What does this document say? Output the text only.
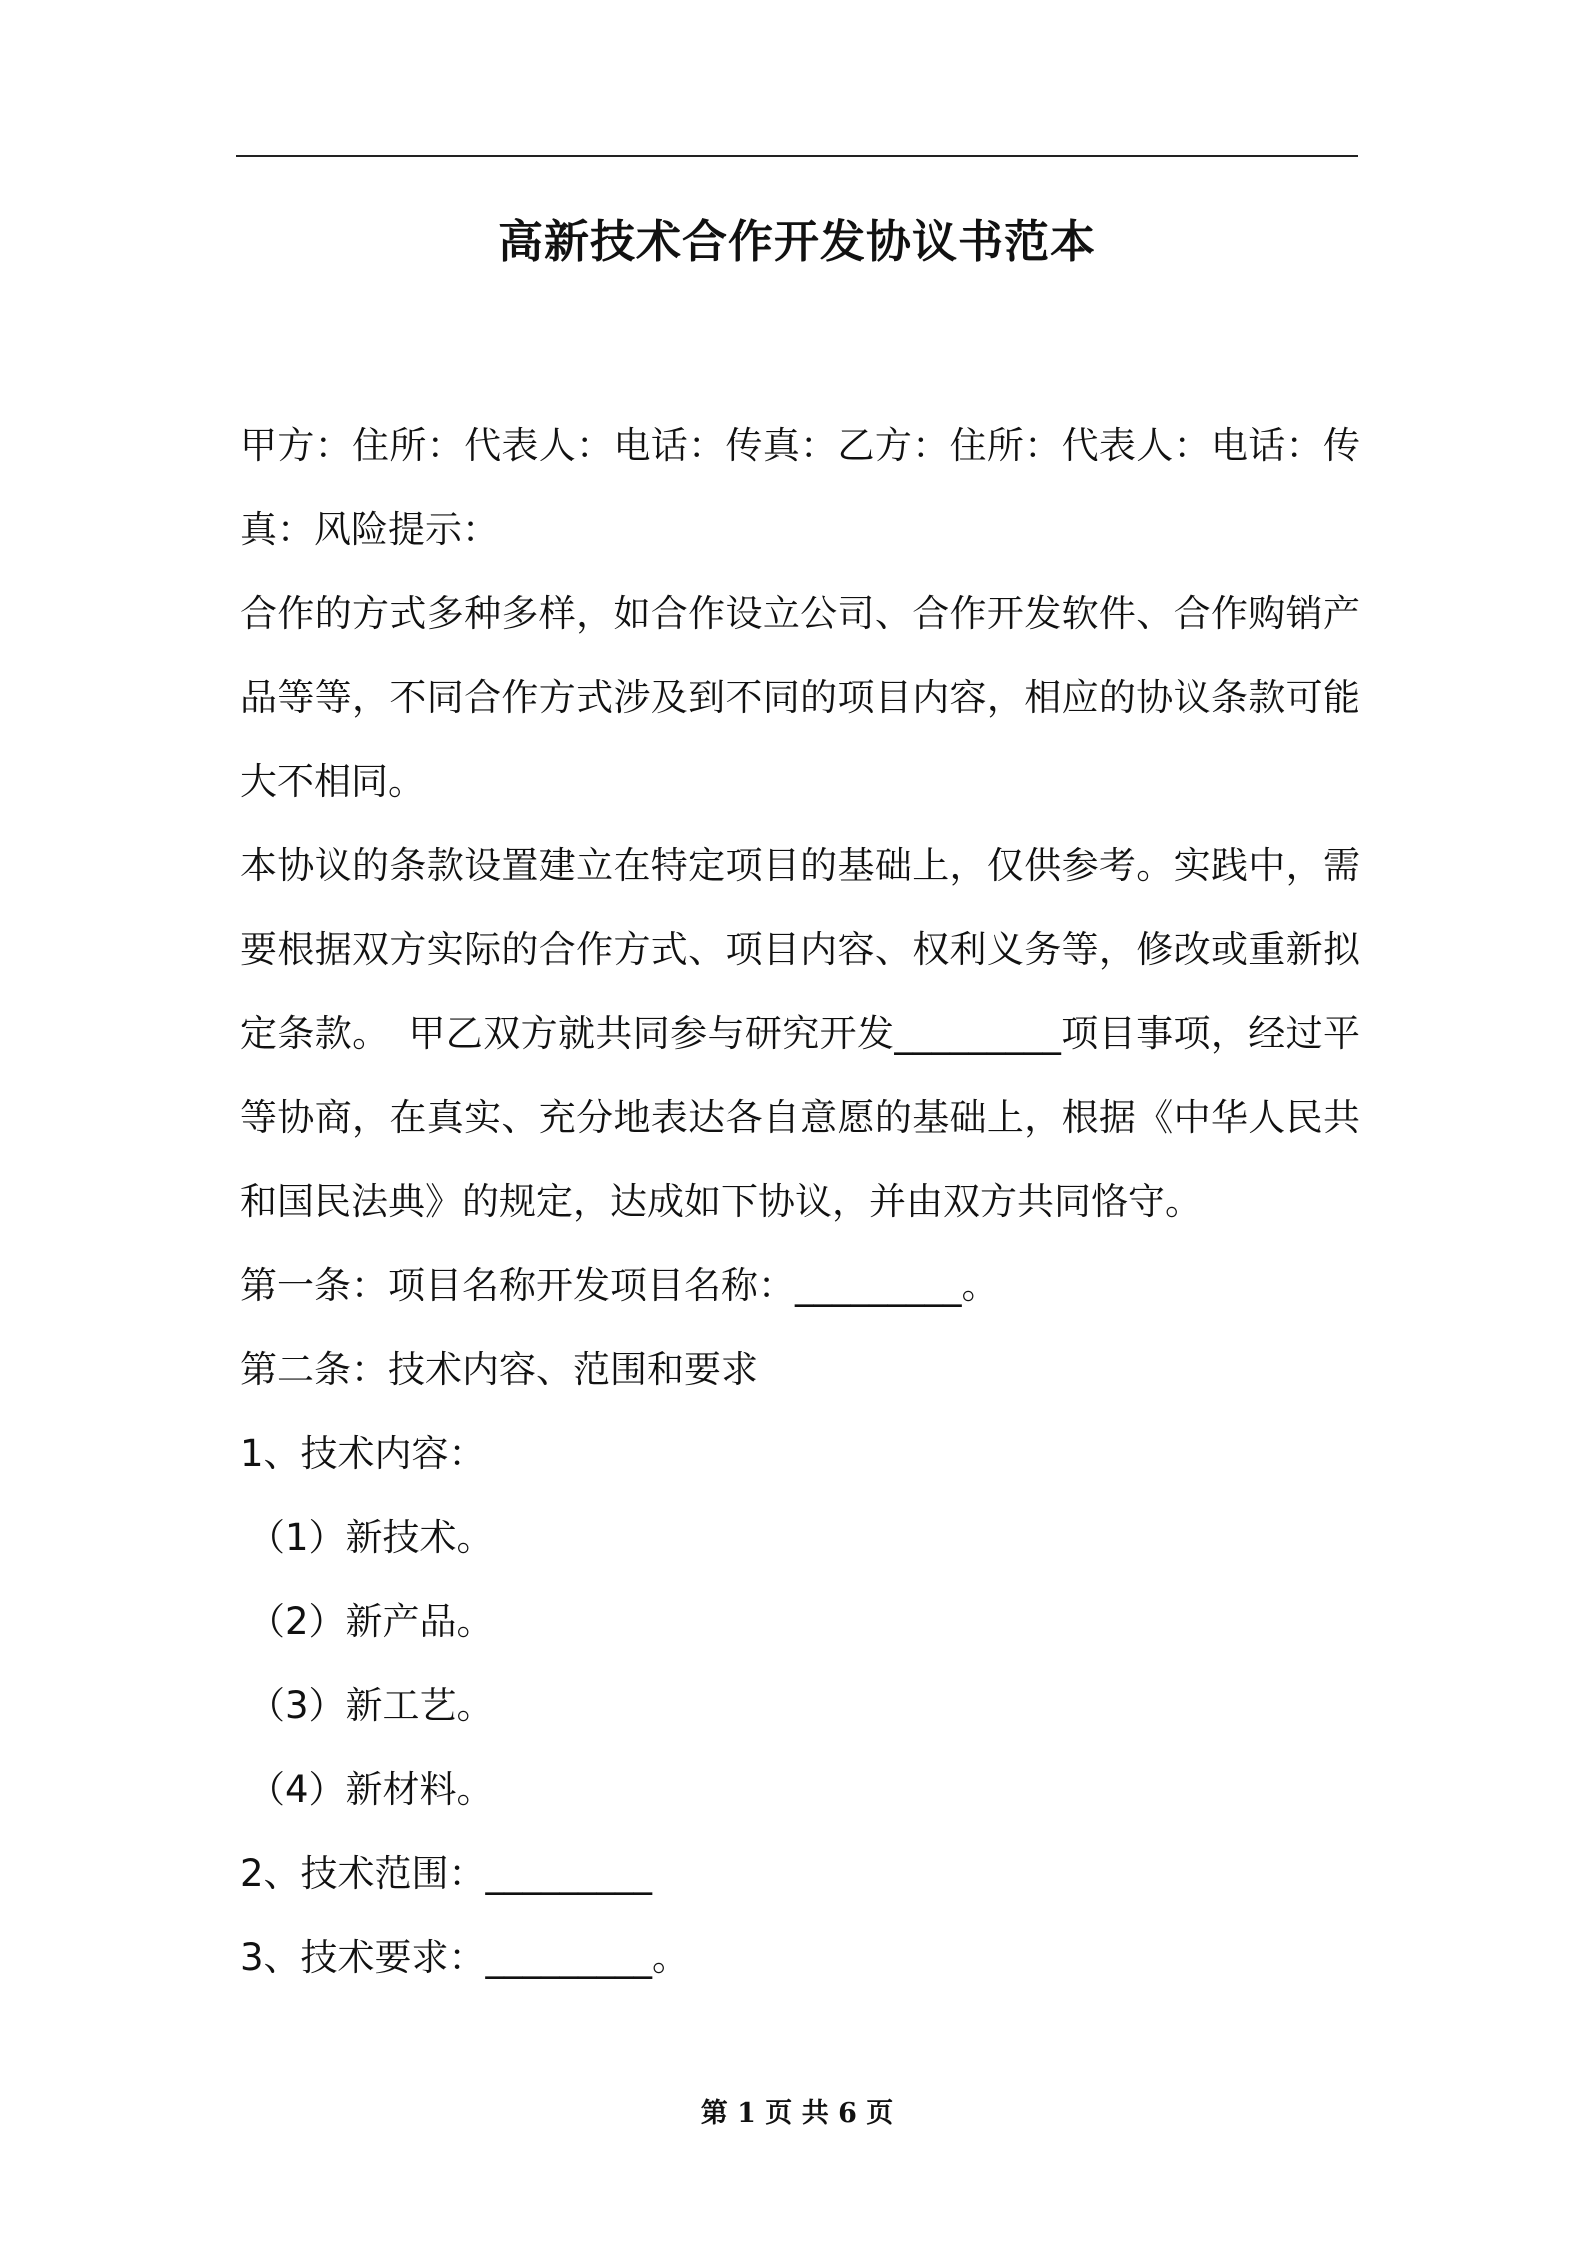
高新技术合作开发协议书范本

甲方：住所：代表人：电话：传真：乙方：住所：代表人：电话：传真：风险提示：

合作的方式多种多样，如合作设立公司、合作开发软件、合作购销产品等等，不同合作方式涉及到不同的项目内容，相应的协议条款可能大不相同。

本协议的条款设置建立在特定项目的基础上，仅供参考。实践中，需要根据双方实际的合作方式、项目内容、权利义务等，修改或重新拟定条款。　甲乙双方就共同参与研究开发_________项目事项，经过平等协商，在真实、充分地表达各自意愿的基础上，根据《中华人民共和国民法典》的规定，达成如下协议，并由双方共同恪守。

第一条：项目名称开发项目名称：_________。

第二条：技术内容、范围和要求

1、技术内容：

（1）新技术。

（2）新产品。

（3）新工艺。

（4）新材料。

2、技术范围：_________

3、技术要求：_________。

第 1 页 共 6 页
